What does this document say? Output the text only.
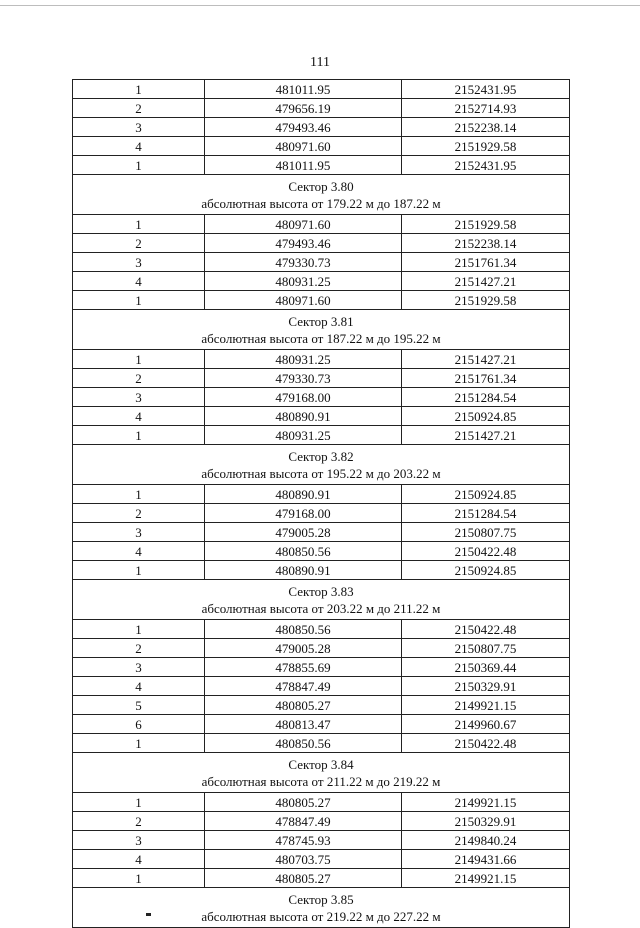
111
1	481011.95	2152431.95
2	479656.19	2152714.93
3	479493.46	2152238.14
4	480971.60	2151929.58
1	481011.95	2152431.95

Сектор 3.80
абсолютная высота от 179.22 м до 187.22 м		

1	480971.60	2151929.58
2	479493.46	2152238.14
3	479330.73	2151761.34
4	480931.25	2151427.21
1	480971.60	2151929.58

Сектор 3.81
абсолютная высота от 187.22 м до 195.22 м		

1	480931.25	2151427.21
2	479330.73	2151761.34
3	479168.00	2151284.54
4	480890.91	2150924.85
1	480931.25	2151427.21

Сектор 3.82
абсолютная высота от 195.22 м до 203.22 м		

1	480890.91	2150924.85
2	479168.00	2151284.54
3	479005.28	2150807.75
4	480850.56	2150422.48
1	480890.91	2150924.85

Сектор 3.83
абсолютная высота от 203.22 м до 211.22 м		

1	480850.56	2150422.48
2	479005.28	2150807.75
3	478855.69	2150369.44
4	478847.49	2150329.91
5	480805.27	2149921.15
6	480813.47	2149960.67
1	480850.56	2150422.48

Сектор 3.84
абсолютная высота от 211.22 м до 219.22 м		

1	480805.27	2149921.15
2	478847.49	2150329.91
3	478745.93	2149840.24
4	480703.75	2149431.66
1	480805.27	2149921.15

Сектор 3.85
абсолютная высота от 219.22 м до 227.22 м		
